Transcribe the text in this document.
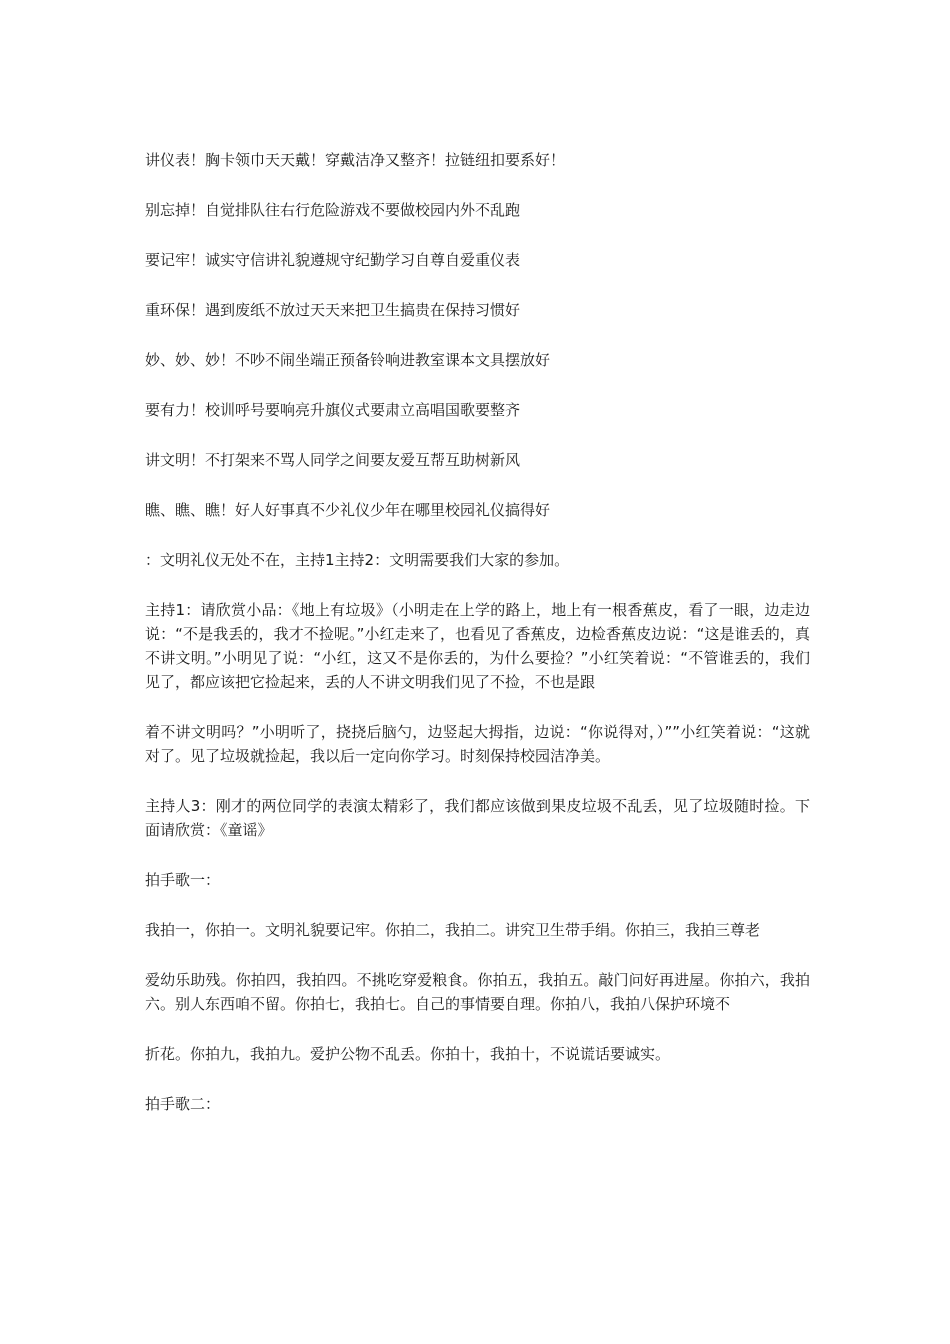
讲仪表！胸卡领巾天天戴！穿戴洁净又整齐！拉链纽扣要系好！

别忘掉！自觉排队往右行危险游戏不要做校园内外不乱跑

要记牢！诚实守信讲礼貌遵规守纪勤学习自尊自爱重仪表

重环保！遇到废纸不放过天天来把卫生搞贵在保持习惯好

妙、妙、妙！不吵不闹坐端正预备铃响进教室课本文具摆放好

要有力！校训呼号要响亮升旗仪式要肃立高唱国歌要整齐

讲文明！不打架来不骂人同学之间要友爱互帮互助树新风

瞧、瞧、瞧！好人好事真不少礼仪少年在哪里校园礼仪搞得好

：文明礼仪无处不在，主持1主持2：文明需要我们大家的参加。

主持1：请欣赏小品：《地上有垃圾》（小明走在上学的路上，地上有一根香蕉皮，看了一眼，边走边说：“不是我丢的，我才不捡呢。”小红走来了，也看见了香蕉皮，边检香蕉皮边说：“这是谁丢的，真不讲文明。”小明见了说：“小红，这又不是你丢的，为什么要捡？”小红笑着说：“不管谁丢的，我们见了，都应该把它捡起来，丢的人不讲文明我们见了不捡，不也是跟

着不讲文明吗？”小明听了，挠挠后脑勺，边竖起大拇指，边说：“你说得对，）””小红笑着说：“这就对了。见了垃圾就捡起，我以后一定向你学习。时刻保持校园洁净美。

主持人3：刚才的两位同学的表演太精彩了，我们都应该做到果皮垃圾不乱丢，见了垃圾随时捡。下面请欣赏：《童谣》

拍手歌一：

我拍一，你拍一。文明礼貌要记牢。你拍二，我拍二。讲究卫生带手绢。你拍三，我拍三尊老

爱幼乐助残。你拍四，我拍四。不挑吃穿爱粮食。你拍五，我拍五。敲门问好再进屋。你拍六，我拍六。别人东西咱不留。你拍七，我拍七。自己的事情要自理。你拍八，我拍八保护环境不

折花。你拍九，我拍九。爱护公物不乱丢。你拍十，我拍十，不说谎话要诚实。

拍手歌二：
